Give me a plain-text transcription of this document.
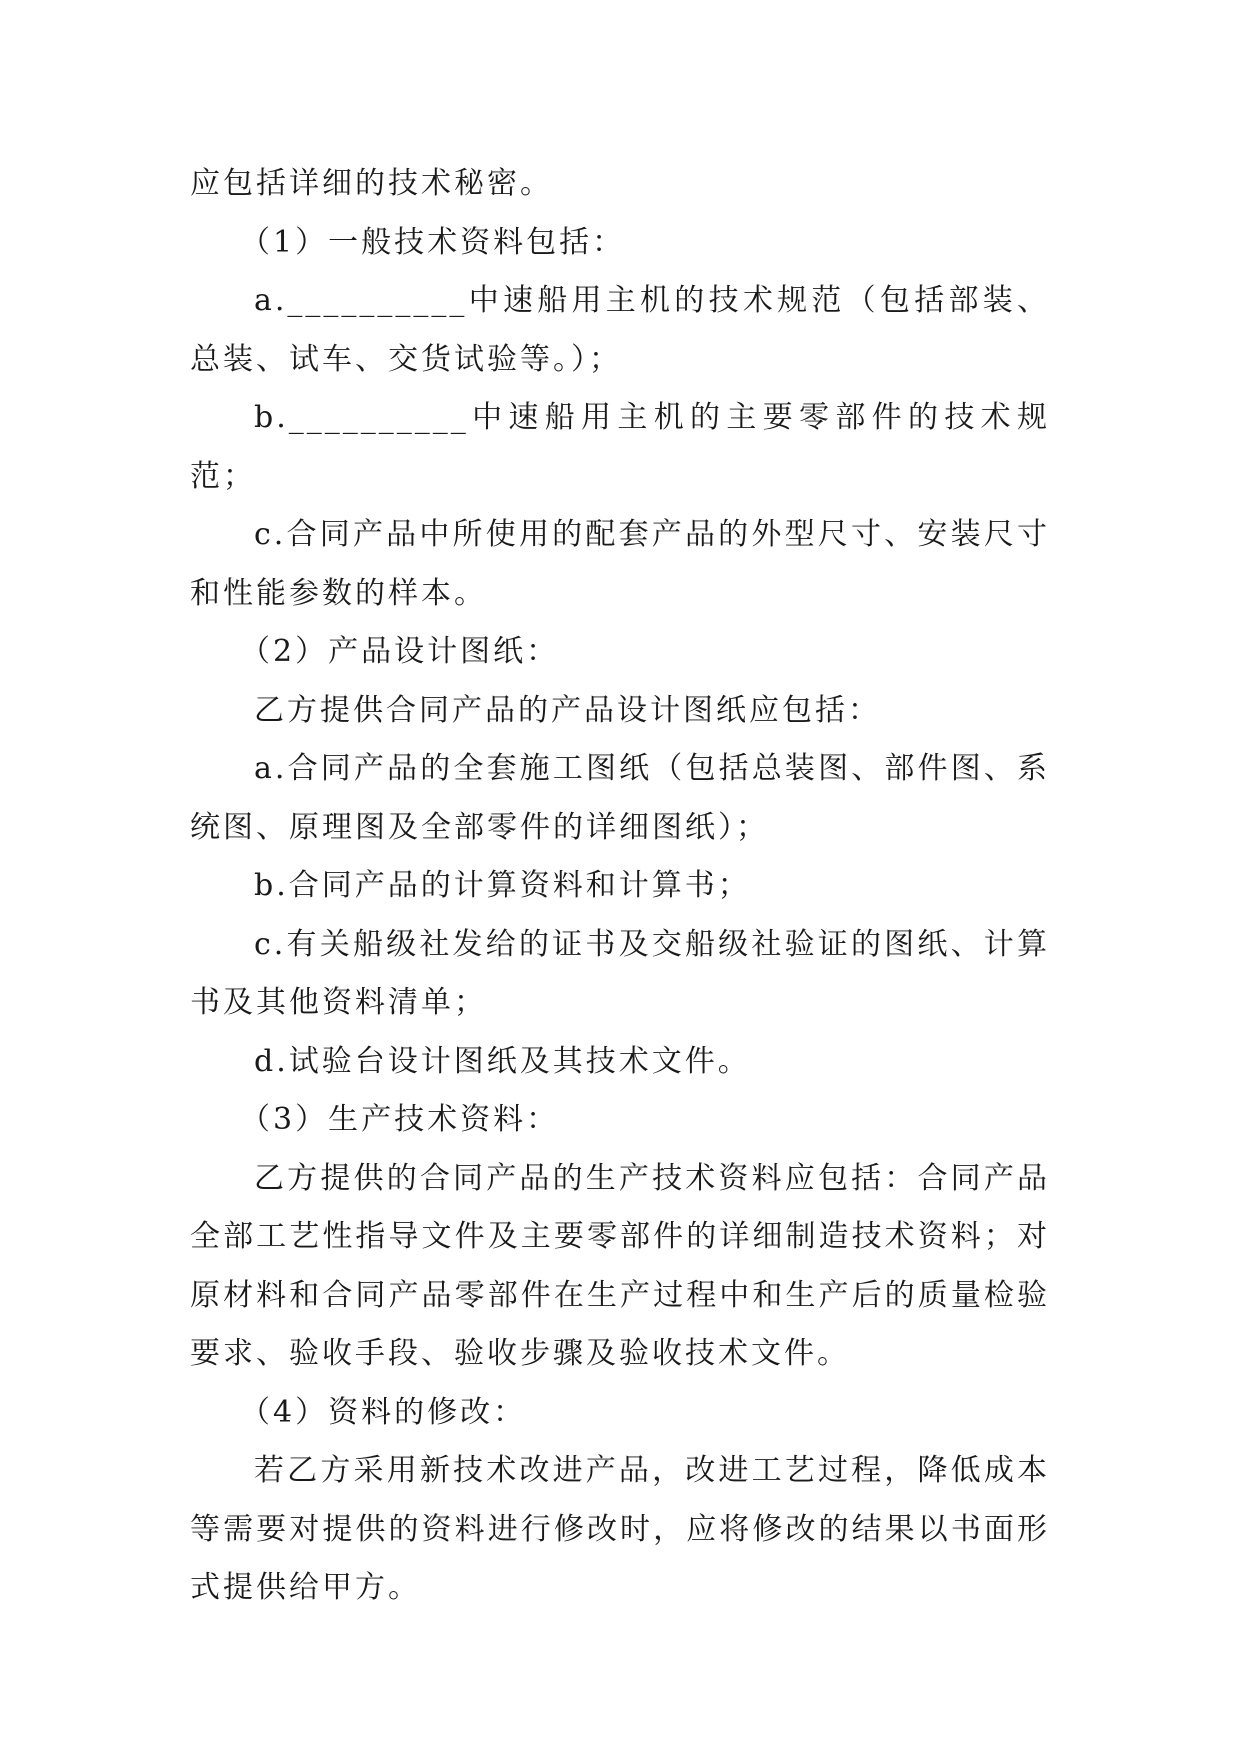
应包括详细的技术秘密。

（1）一般技术资料包括：

a.__________中速船用主机的技术规范（包括部装、总装、试车、交货试验等。）；

b.__________中速船用主机的主要零部件的技术规范；

c.合同产品中所使用的配套产品的外型尺寸、安装尺寸和性能参数的样本。

（2）产品设计图纸：

乙方提供合同产品的产品设计图纸应包括：

a.合同产品的全套施工图纸（包括总装图、部件图、系统图、原理图及全部零件的详细图纸）；

b.合同产品的计算资料和计算书；

c.有关船级社发给的证书及交船级社验证的图纸、计算书及其他资料清单；

d.试验台设计图纸及其技术文件。

（3）生产技术资料：

乙方提供的合同产品的生产技术资料应包括：合同产品全部工艺性指导文件及主要零部件的详细制造技术资料；对原材料和合同产品零部件在生产过程中和生产后的质量检验要求、验收手段、验收步骤及验收技术文件。

（4）资料的修改：

若乙方采用新技术改进产品，改进工艺过程，降低成本等需要对提供的资料进行修改时，应将修改的结果以书面形式提供给甲方。
